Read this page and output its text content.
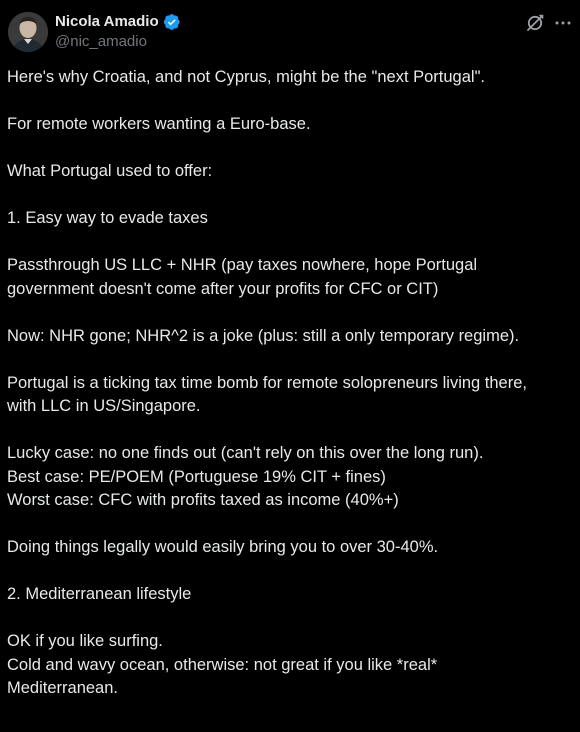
Nicola Amadio
@nic_amadio

Here's why Croatia, and not Cyprus, might be the "next Portugal".

For remote workers wanting a Euro-base.

What Portugal used to offer:

1. Easy way to evade taxes

Passthrough US LLC + NHR (pay taxes nowhere, hope Portugal

government doesn't come after your profits for CFC or CIT)

Now: NHR gone; NHR^2 is a joke (plus: still a only temporary regime).

Portugal is a ticking tax time bomb for remote solopreneurs living there,

with LLC in US/Singapore.

Lucky case: no one finds out (can't rely on this over the long run).

Best case: PE/POEM (Portuguese 19% CIT + fines)

Worst case: CFC with profits taxed as income (40%+)

Doing things legally would easily bring you to over 30-40%.

2. Mediterranean lifestyle

OK if you like surfing.

Cold and wavy ocean, otherwise: not great if you like *real*

Mediterranean.
